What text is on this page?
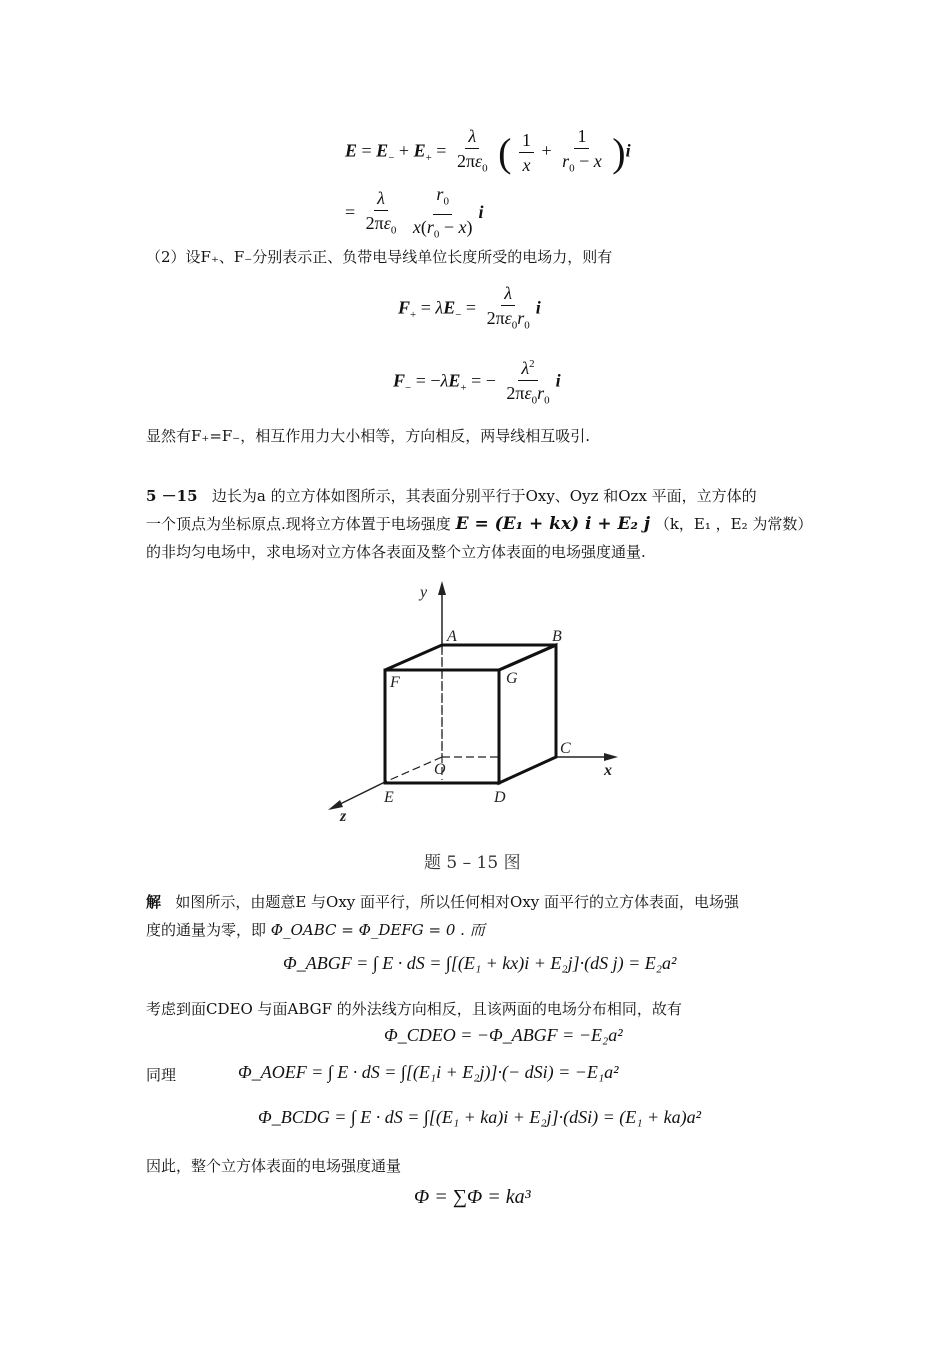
$E = E_- + E_+ = \frac{\lambda}{2\pi\varepsilon_0}$ ( $\frac{1}{x} + \frac{1}{r_0 - x} )i$
= $\frac{\lambda}{2\pi\varepsilon_0}$
$\frac{r_0}{x(r_0 - x)}$ i
（2）设F₊、F₋分别表示正、负带电导线单位长度所受的电场力，则有
$F_+ = \lambda E_- = \frac{\lambda}{2\pi\varepsilon_0r_0}$ i
$F_- = -\lambda E_+$ = − $\frac{\lambda^2}{2\pi\varepsilon_0r_0}$ i
显然有F₊=F₋，相互作用力大小相等，方向相反，两导线相互吸引.
5 －15 边长为a 的立方体如图所示，其表面分别平行于Oxy、Oyz 和Ozx 平面，立方体的
一个顶点为坐标原点.现将立方体置于电场强度 E = (E₁ + kx) i + E₂ j （k，E₁ ，E₂ 为常数）
的非均匀电场中，求电场对立方体各表面及整个立方体表面的电场强度通量.
y
x
z
A	B
C
D
E
F	G
O
题 5 – 15 图
解 如图所示，由题意E 与Oxy 面平行，所以任何相对Oxy 面平行的立方体表面，电场强
度的通量为零，即 Φ_OABC = Φ_DEFG = 0 . 而
Φ_ABGF = ∫ E · dS = ∫[(E₁ + kx)i + E₂j]·(dS j) = E₂a²
考虑到面CDEO 与面ABGF 的外法线方向相反，且该两面的电场分布相同，故有
Φ_CDEO = −Φ_ABGF = −E₂a²
同理	Φ_AOEF = ∫ E · dS = ∫[(E₁i + E₂j)]·(− dSi) = −E₁a²
Φ_BCDG = ∫ E · dS = ∫[(E₁ + ka)i + E₂j]·(dSi) = (E₁ + ka)a²
因此，整个立方体表面的电场强度通量
Φ = ∑Φ = ka³
